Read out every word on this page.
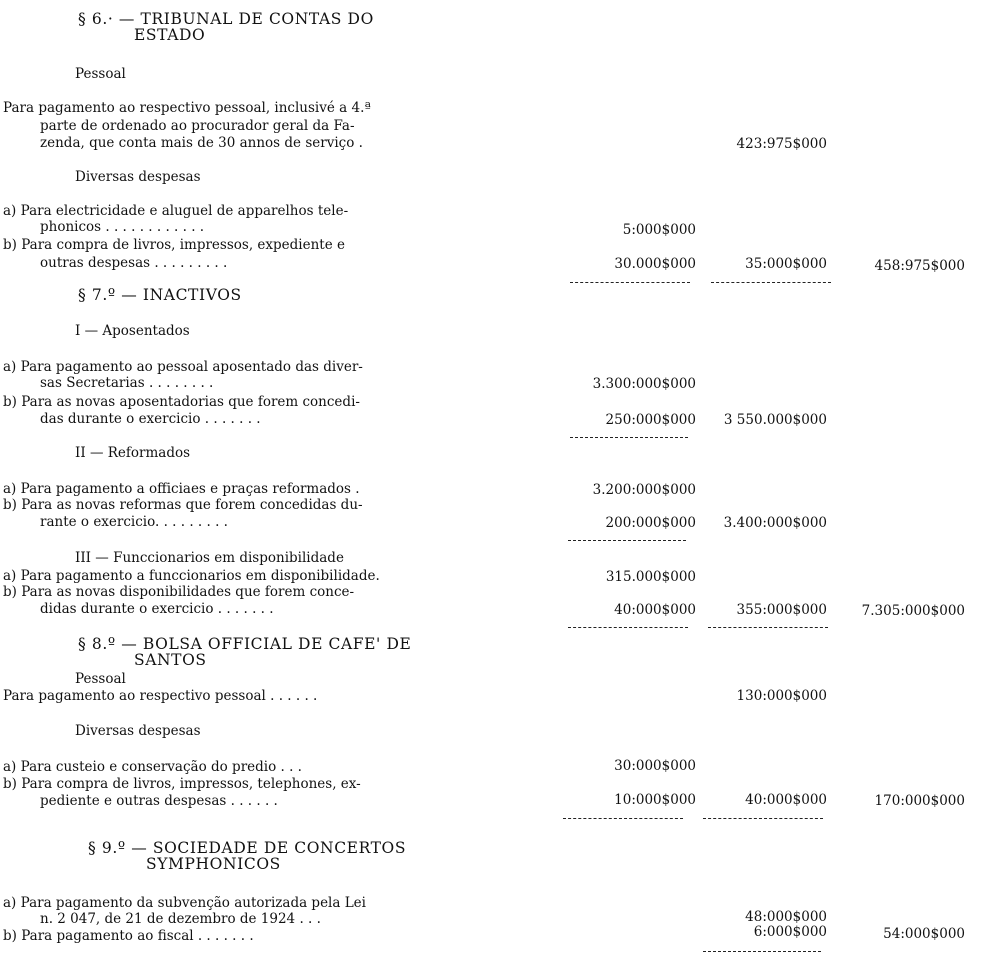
§ 6.· — TRIBUNAL DE CONTAS DO
ESTADO
Pessoal
Para pagamento ao respectivo pessoal, inclusivé a 4.ª
parte de ordenado ao procurador geral da Fa-
zenda, que conta mais de 30 annos de serviço .	423:975$000
Diversas despesas
a) Para electricidade e aluguel de apparelhos tele-
phonicos . . . . . . . . . . . .	5:000$000
b) Para compra de livros, impressos, expediente e
outras despesas . . . . . . . . .	30.000$000	35:000$000	458:975$000
§ 7.º — INACTIVOS
I — Aposentados
a) Para pagamento ao pessoal aposentado das diver-
sas Secretarias . . . . . . . .	3.300:000$000
b) Para as novas aposentadorias que forem concedi-
das durante o exercicio . . . . . . .	250:000$000 3 550.000$000
II — Reformados
a) Para pagamento a officiaes e praças reformados .	3.200:000$000
b) Para as novas reformas que forem concedidas du-
rante o exercicio. . . . . . . . .	200:000$000 3.400:000$000
III — Funccionarios em disponibilidade
a) Para pagamento a funccionarios em disponibilidade.	315.000$000
b) Para as novas disponibilidades que forem conce-
didas durante o exercicio . . . . . . .	40:000$000	355:000$000	7.305:000$000
§ 8.º — BOLSA OFFICIAL DE CAFE' DE
SANTOS
Pessoal
Para pagamento ao respectivo pessoal . . . . . .	130:000$000
Diversas despesas
a) Para custeio e conservação do predio . . .	30:000$000
b) Para compra de livros, impressos, telephones, ex-
pediente e outras despesas . . . . . .	10:000$000	40:000$000	170:000$000
§ 9.º — SOCIEDADE DE CONCERTOS
SYMPHONICOS
a) Para pagamento da subvenção autorizada pela Lei
n. 2 047, de 21 de dezembro de 1924 . . .	48:000$000
b) Para pagamento ao fiscal . . . . . . .	6:000$000	54:000$000
